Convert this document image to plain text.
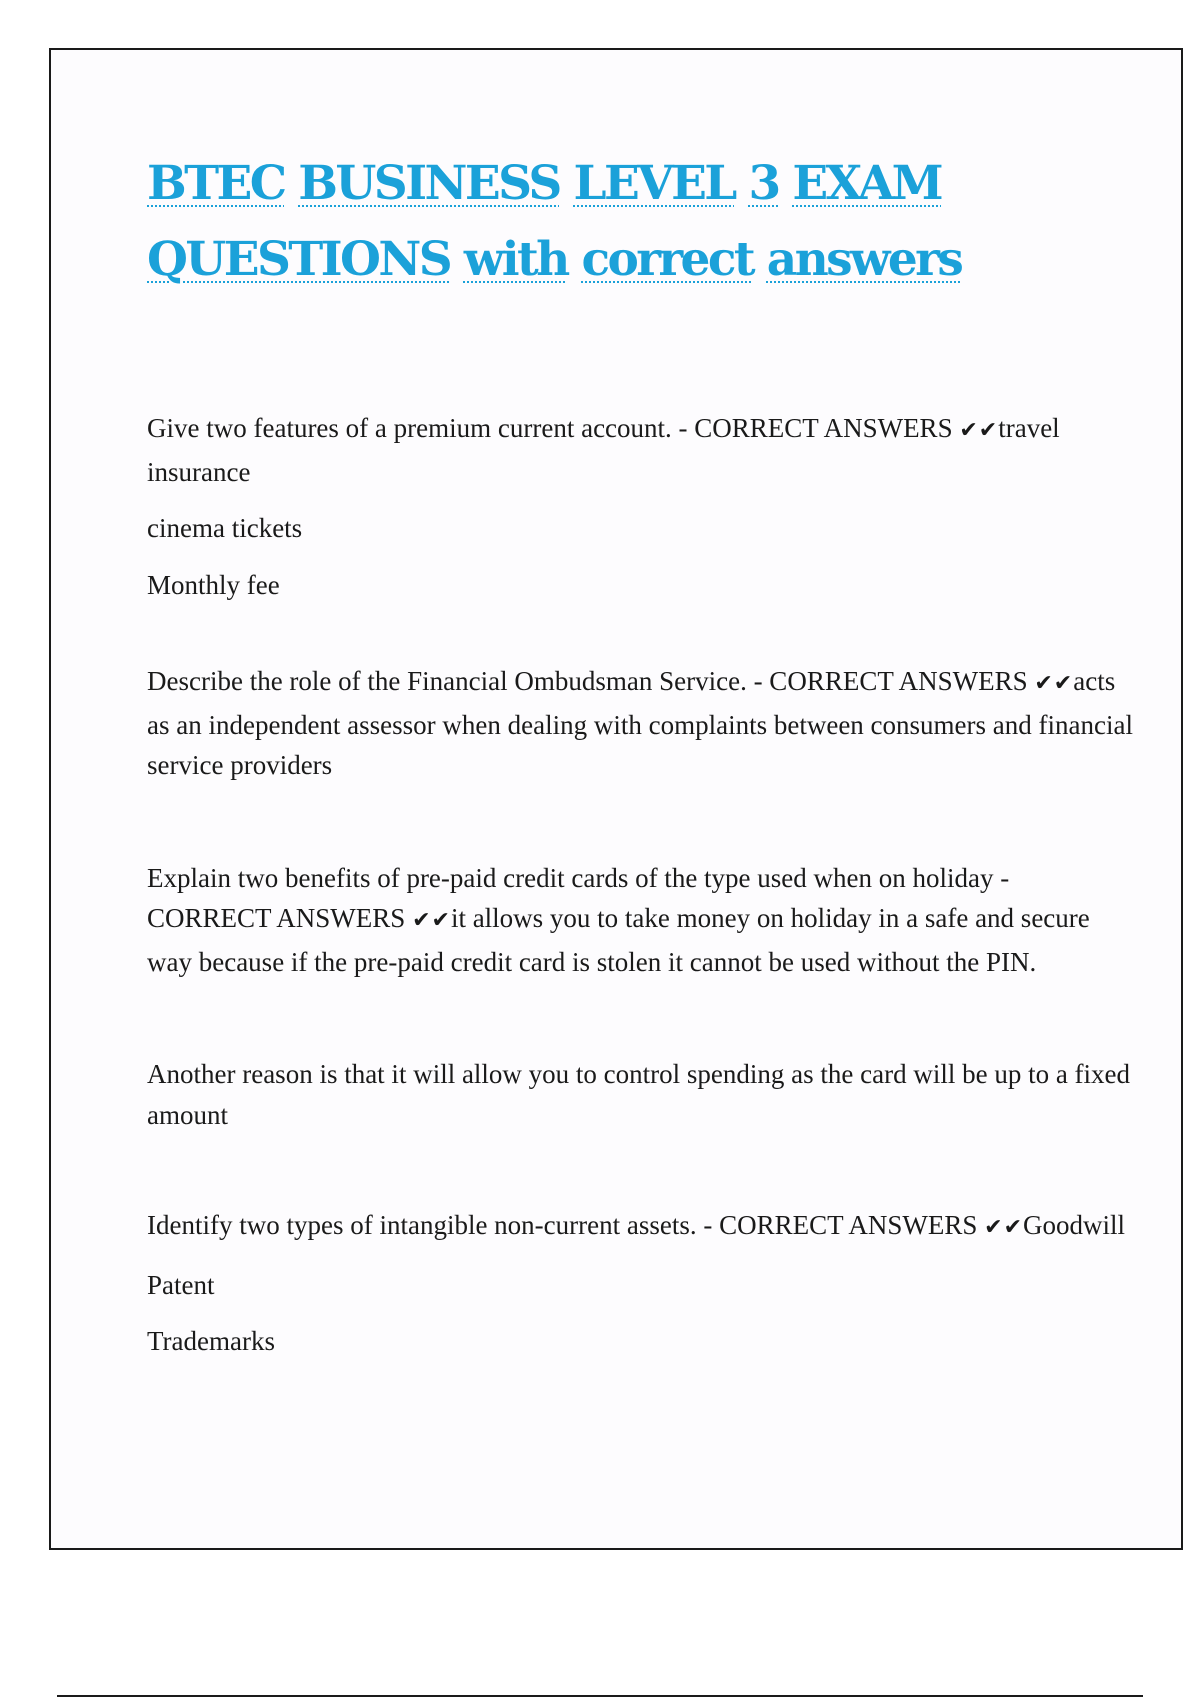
BTEC BUSINESS LEVEL 3 EXAM
QUESTIONS with correct answers

Give two features of a premium current account. - CORRECT ANSWERS ✔✔travel insurance

cinema tickets

Monthly fee

Describe the role of the Financial Ombudsman Service. - CORRECT ANSWERS ✔✔acts as an independent assessor when dealing with complaints between consumers and financial service providers

Explain two benefits of pre-paid credit cards of the type used when on holiday - CORRECT ANSWERS ✔✔it allows you to take money on holiday in a safe and secure way because if the pre-paid credit card is stolen it cannot be used without the PIN.

Another reason is that it will allow you to control spending as the card will be up to a fixed amount

Identify two types of intangible non-current assets. - CORRECT ANSWERS ✔✔Goodwill

Patent

Trademarks
